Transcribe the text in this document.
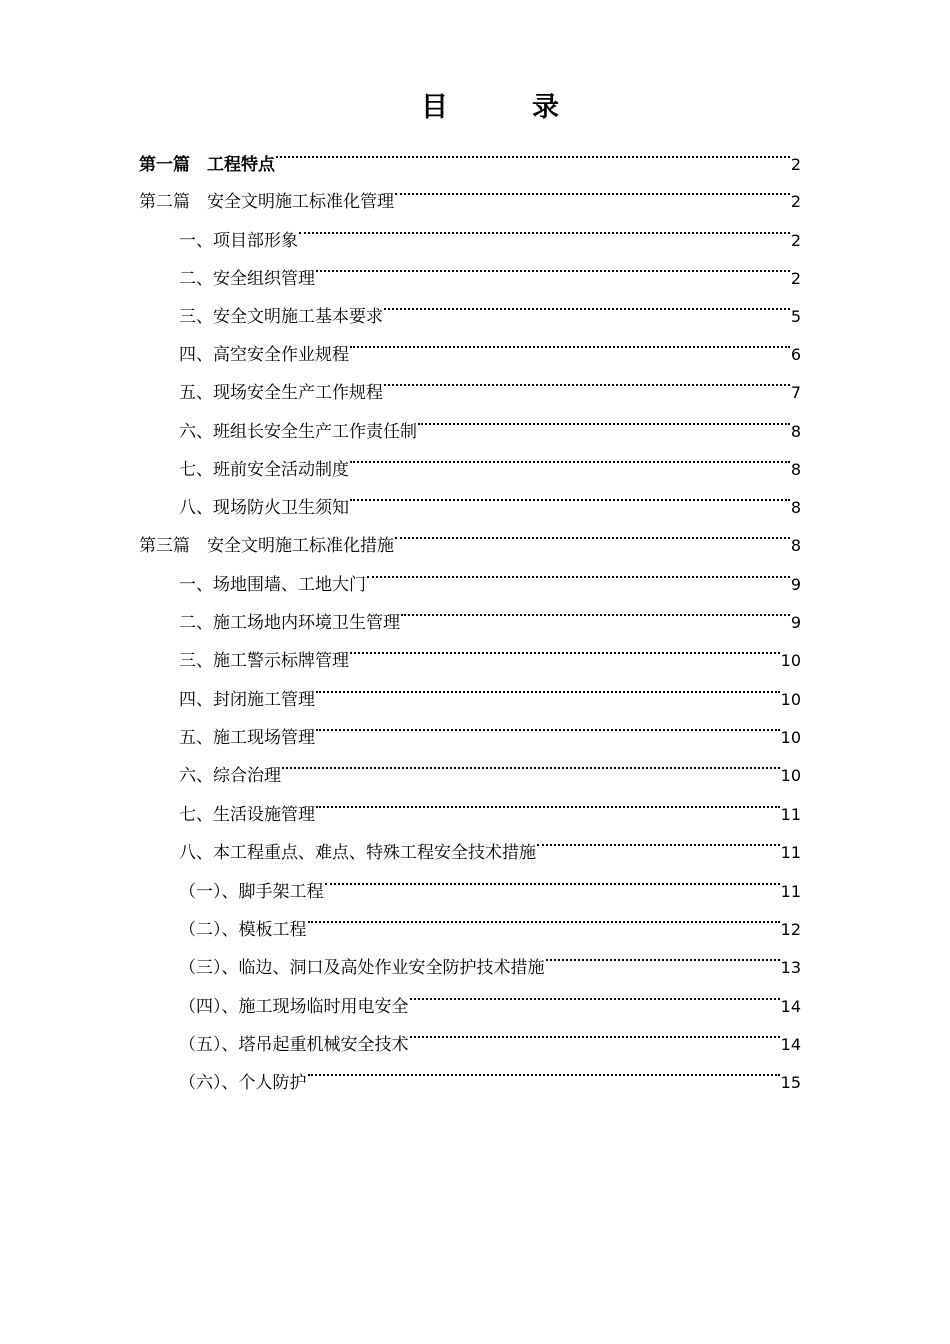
目	录
第一篇　工程特点	2
第二篇　安全文明施工标准化管理	2
一、项目部形象	2
二、安全组织管理	2
三、安全文明施工基本要求	5
四、高空安全作业规程	6
五、现场安全生产工作规程	7
六、班组长安全生产工作责任制	8
七、班前安全活动制度	8
八、现场防火卫生须知	8
第三篇　安全文明施工标准化措施	8
一、场地围墙、工地大门	9
二、施工场地内环境卫生管理	9
三、施工警示标牌管理	10
四、封闭施工管理	10
五、施工现场管理	10
六、综合治理	10
七、生活设施管理	11
八、本工程重点、难点、特殊工程安全技术措施	11
（一）、脚手架工程	11
（二）、模板工程	12
（三）、临边、洞口及高处作业安全防护技术措施	13
（四）、施工现场临时用电安全	14
（五）、塔吊起重机械安全技术	14
（六）、个人防护	15
